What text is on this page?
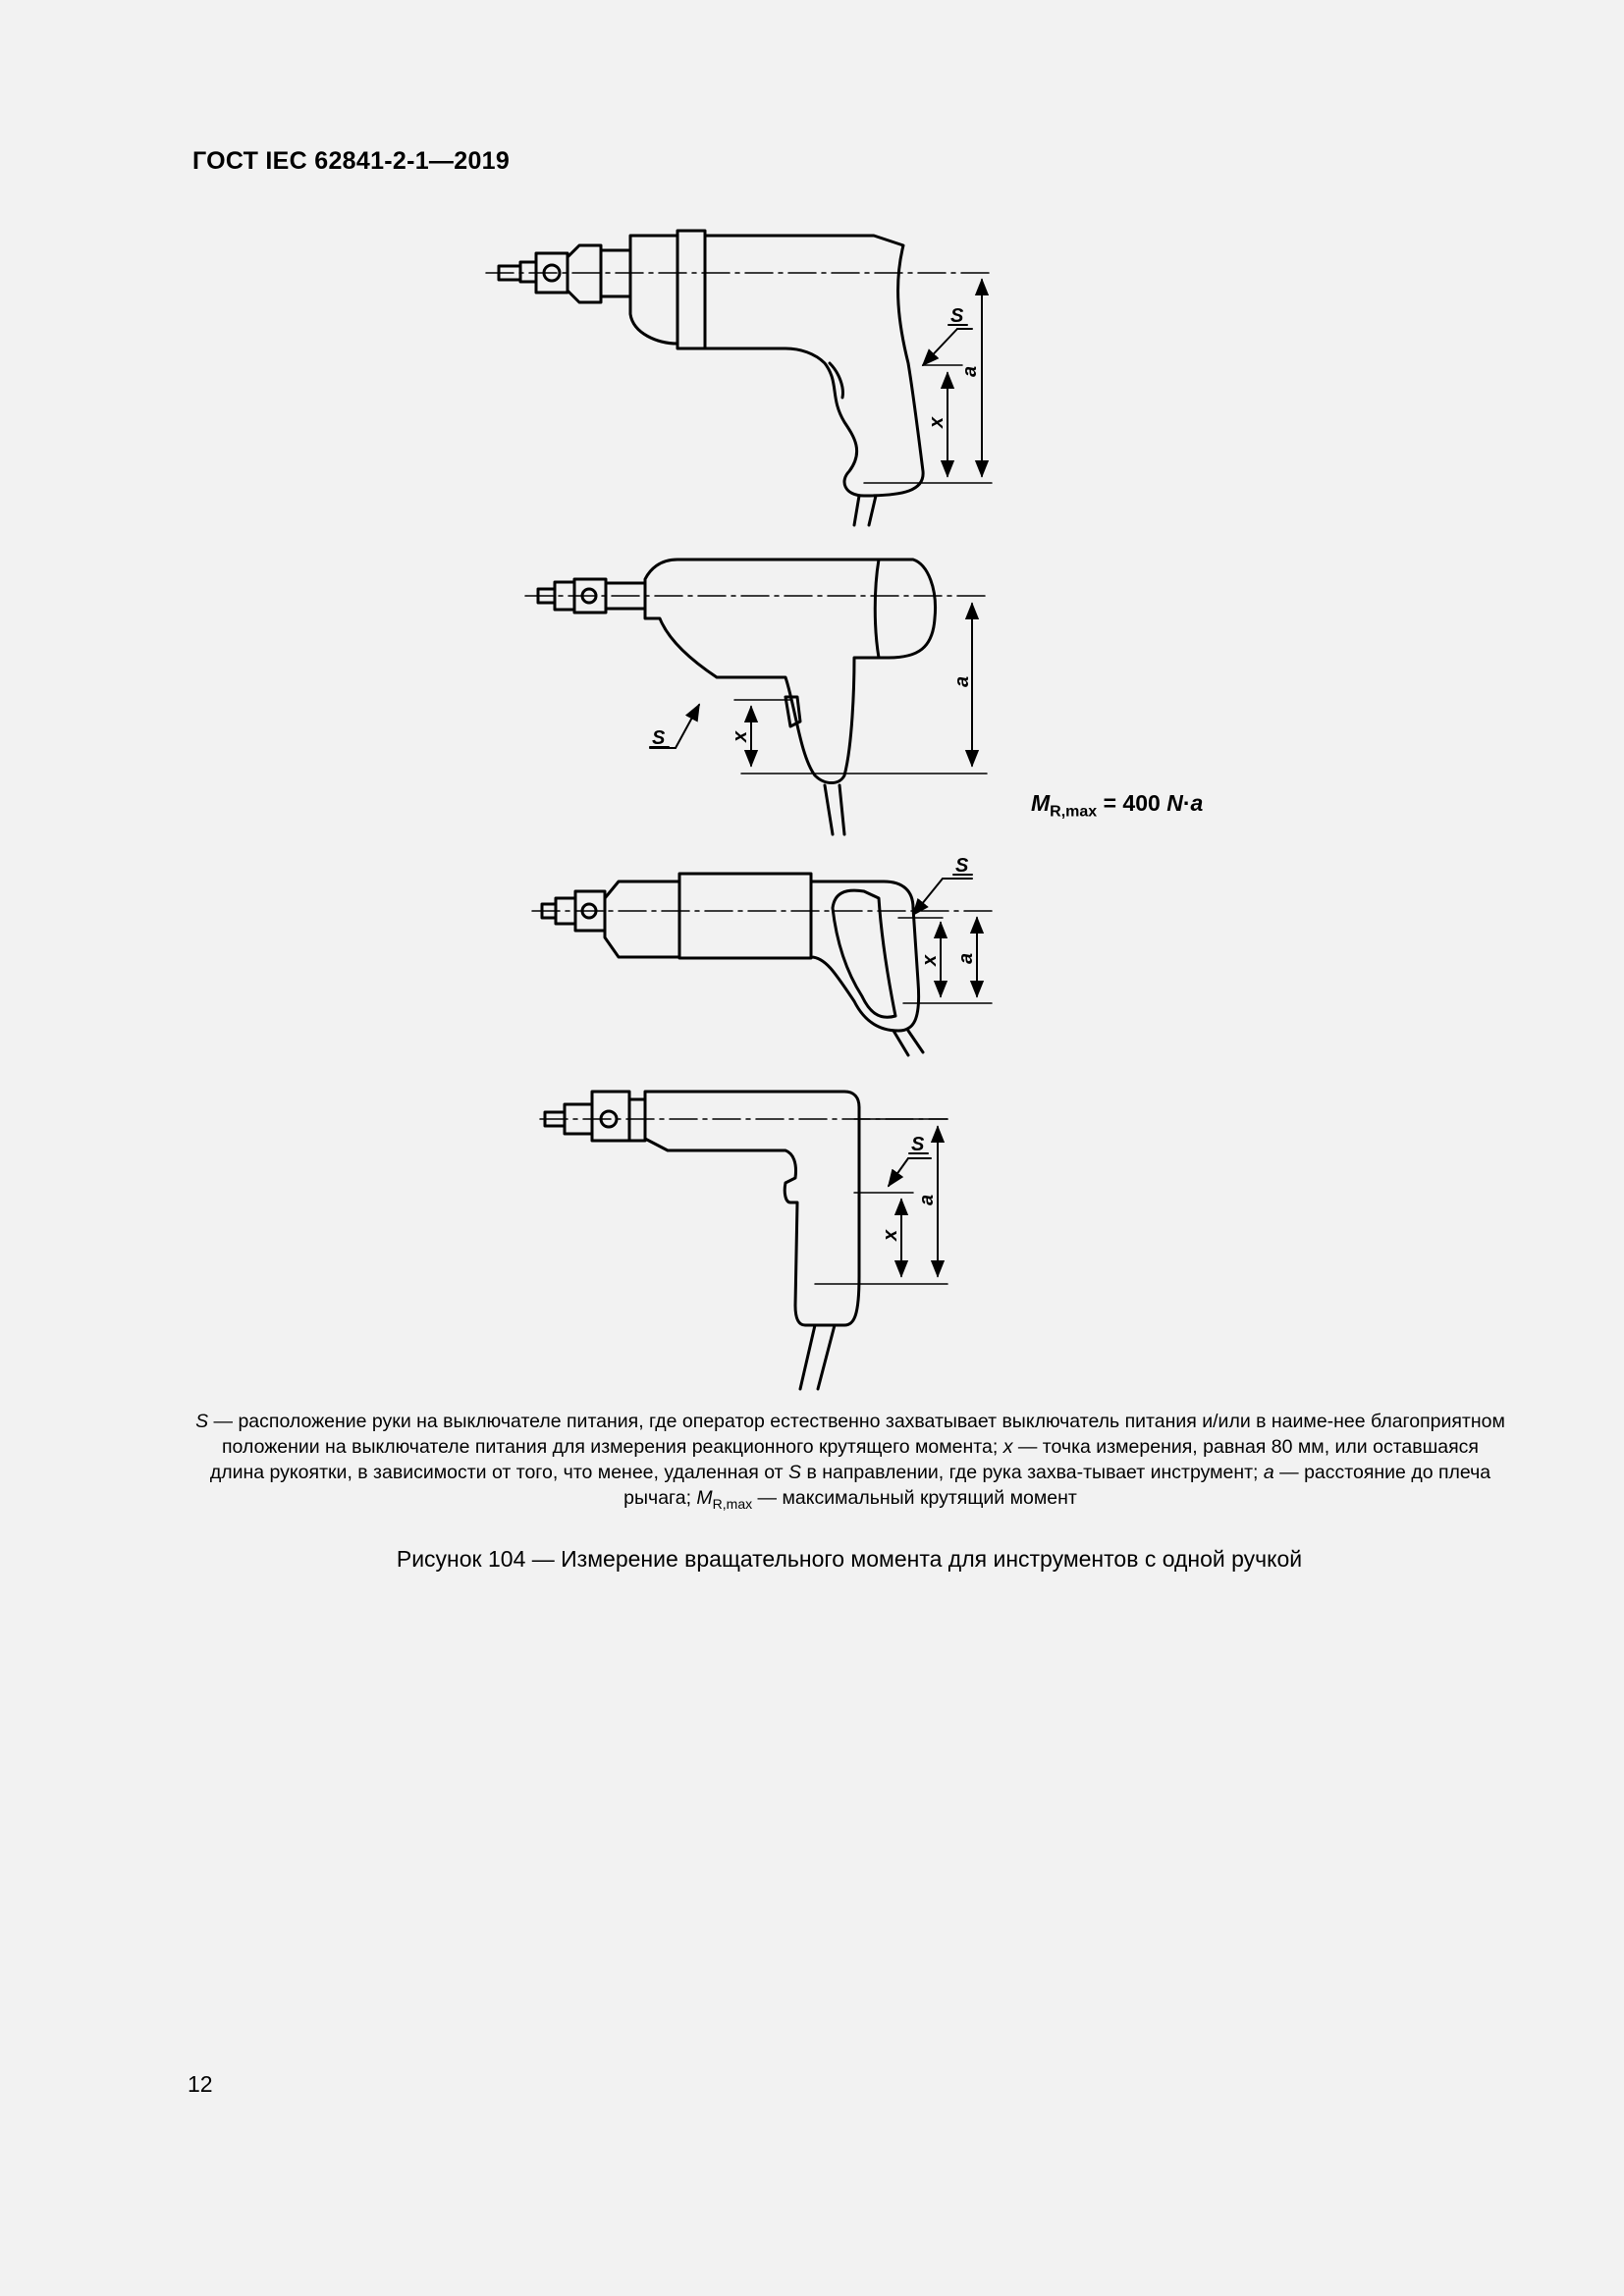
ГОСТ IEC 62841-2-1—2019
S
a
x
S	x
a
S
x a
S
a
x
$M_{R,max} = 400$ N·a
S — расположение руки на выключателе питания, где оператор естественно захватывает выключатель питания и/или в наиме-нее благоприятном положении на выключателе питания для измерения реакционного крутящего момента; x — точка измерения, равная 80 мм, или оставшаяся длина рукоятки, в зависимости от того, что менее, удаленная от S в направлении, где рука захва-тывает инструмент; a — расстояние до плеча рычага; $M_{R,max}$ — максимальный крутящий момент
Рисунок 104 — Измерение вращательного момента для инструментов с одной ручкой
12
